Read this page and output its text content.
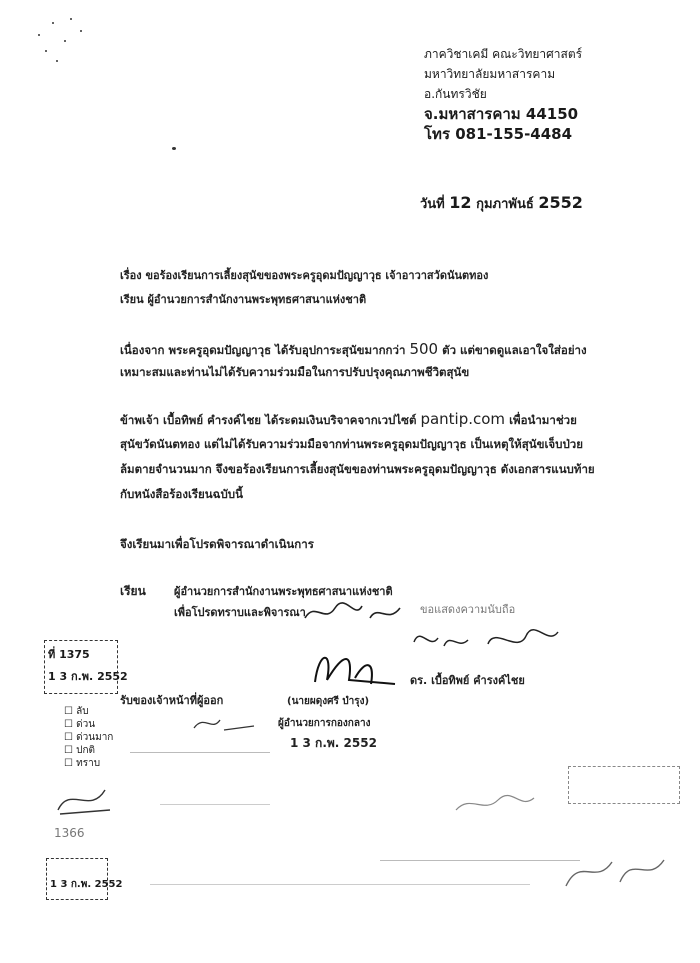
ภาควิชาเคมี คณะวิทยาศาสตร์
มหาวิทยาลัยมหาสารคาม
อ.กันทรวิชัย
จ.มหาสารคาม 44150
โทร 081-155-4484
วันที่ 12 กุมภาพันธ์ 2552
เรื่อง ขอร้องเรียนการเลี้ยงสุนัขของพระครูอุดมปัญญาวุธ เจ้าอาวาสวัดนันตทอง
เรียน ผู้อำนวยการสำนักงานพระพุทธศาสนาแห่งชาติ
เนื่องจาก พระครูอุดมปัญญาวุธ ได้รับอุปการะสุนัขมากกว่า 500 ตัว แต่ขาดดูแลเอาใจใส่อย่าง
เหมาะสมและท่านไม่ได้รับความร่วมมือในการปรับปรุงคุณภาพชีวิตสุนัข
ข้าพเจ้า เบื้อทิพย์ คำรงค์ไชย ได้ระดมเงินบริจาคจากเวปไซต์ pantip.com เพื่อนำมาช่วย
สุนัขวัดนันตทอง แต่ไม่ได้รับความร่วมมือจากท่านพระครูอุดมปัญญาวุธ เป็นเหตุให้สุนัขเจ็บป่วย
ล้มตายจำนวนมาก จึงขอร้องเรียนการเลี้ยงสุนัขของท่านพระครูอุดมปัญญาวุธ ดังเอกสารแนบท้าย
กับหนังสือร้องเรียนฉบับนี้
จึงเรียนมาเพื่อโปรดพิจารณาดำเนินการ
เรียน	ผู้อำนวยการสำนักงานพระพุทธศาสนาแห่งชาติ
เพื่อโปรดทราบและพิจารณา	ขอแสดงความนับถือ
ดร. เบื้อทิพย์ คำรงค์ไชย
(นายผดุงศรี บำรุง)
ผู้อำนวยการกองกลาง
1 3 ก.พ. 2552
ที่ 1375
1 3 ก.พ. 2552
รับของเจ้าหน้าที่ผู้ออก
☐ ลับ
☐ ด่วน
☐ ด่วนมาก
☐ ปกติ
☐ ทราบ
1366
1 3 ก.พ. 2552
